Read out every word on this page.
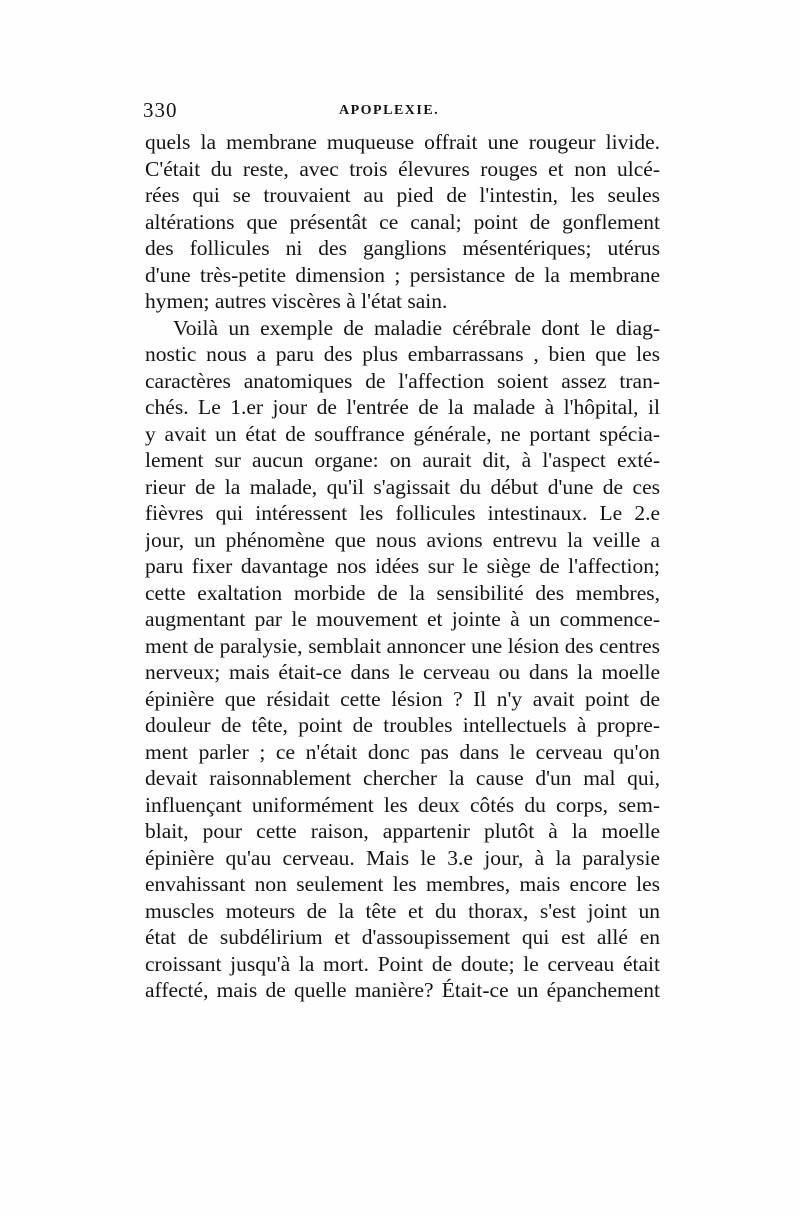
330	APOPLEXIE.
quels la membrane muqueuse offrait une rougeur livide.
C'était du reste, avec trois élevures rouges et non ulcé-
rées qui se trouvaient au pied de l'intestin, les seules
altérations que présentât ce canal; point de gonflement
des follicules ni des ganglions mésentériques; utérus
d'une très-petite dimension ; persistance de la membrane
hymen; autres viscères à l'état sain.
Voilà un exemple de maladie cérébrale dont le diag-
nostic nous a paru des plus embarrassans , bien que les
caractères anatomiques de l'affection soient assez tran-
chés. Le 1.er jour de l'entrée de la malade à l'hôpital, il
y avait un état de souffrance générale, ne portant spécia-
lement sur aucun organe: on aurait dit, à l'aspect exté-
rieur de la malade, qu'il s'agissait du début d'une de ces
fièvres qui intéressent les follicules intestinaux. Le 2.e
jour, un phénomène que nous avions entrevu la veille a
paru fixer davantage nos idées sur le siège de l'affection;
cette exaltation morbide de la sensibilité des membres,
augmentant par le mouvement et jointe à un commence-
ment de paralysie, semblait annoncer une lésion des centres
nerveux; mais était-ce dans le cerveau ou dans la moelle
épinière que résidait cette lésion ? Il n'y avait point de
douleur de tête, point de troubles intellectuels à propre-
ment parler ; ce n'était donc pas dans le cerveau qu'on
devait raisonnablement chercher la cause d'un mal qui,
influençant uniformément les deux côtés du corps, sem-
blait, pour cette raison, appartenir plutôt à la moelle
épinière qu'au cerveau. Mais le 3.e jour, à la paralysie
envahissant non seulement les membres, mais encore les
muscles moteurs de la tête et du thorax, s'est joint un
état de subdélirium et d'assoupissement qui est allé en
croissant jusqu'à la mort. Point de doute; le cerveau était
affecté, mais de quelle manière? Était-ce un épanchement
